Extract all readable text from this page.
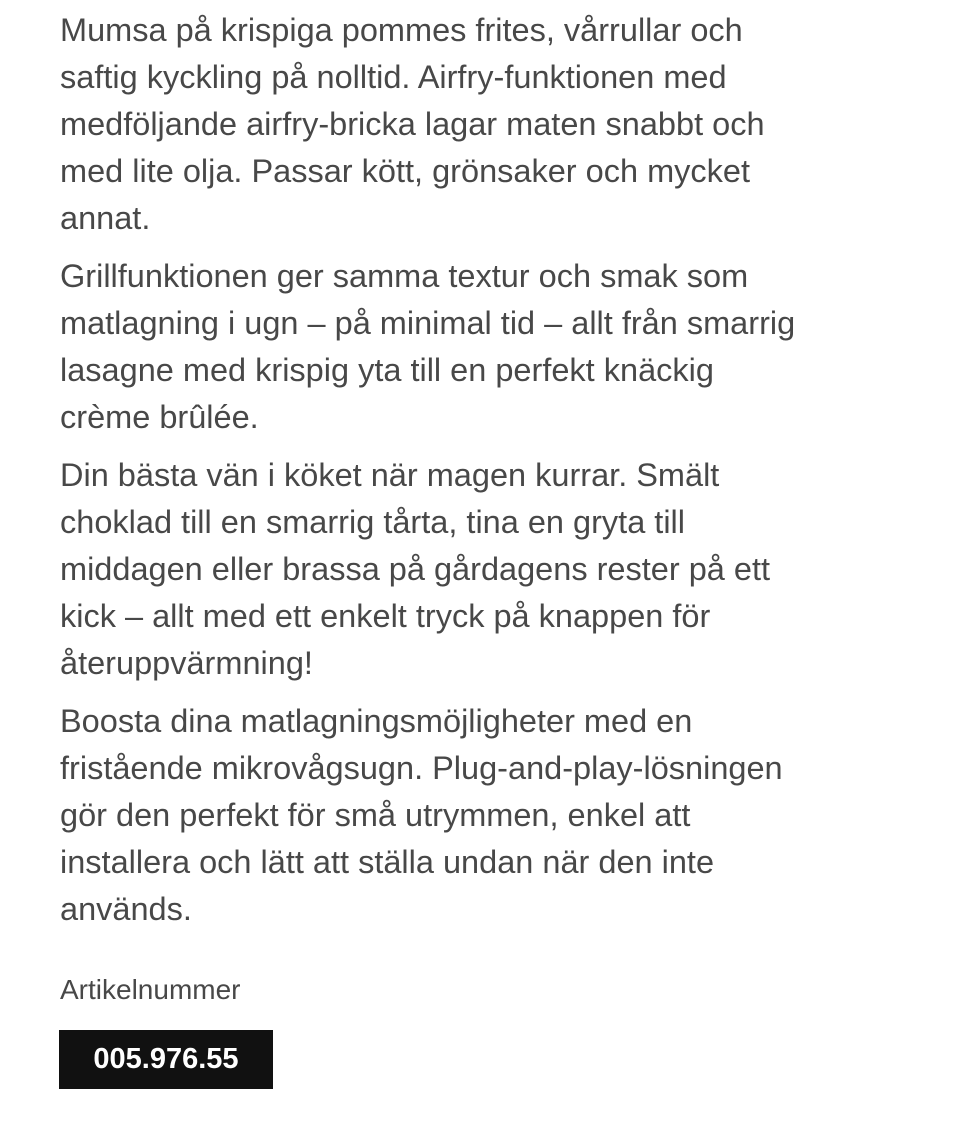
Mumsa på krispiga pommes frites, vårrullar och
saftig kyckling på nolltid. Airfry-funktionen med
medföljande airfry-bricka lagar maten snabbt och
med lite olja. Passar kött, grönsaker och mycket
annat.

Grillfunktionen ger samma textur och smak som
matlagning i ugn – på minimal tid – allt från smarrig
lasagne med krispig yta till en perfekt knäckig
crème brûlée.

Din bästa vän i köket när magen kurrar. Smält
choklad till en smarrig tårta, tina en gryta till
middagen eller brassa på gårdagens rester på ett
kick – allt med ett enkelt tryck på knappen för
återuppvärmning!

Boosta dina matlagningsmöjligheter med en
fristående mikrovågsugn. Plug-and-play-lösningen
gör den perfekt för små utrymmen, enkel att
installera och lätt att ställa undan när den inte
används.

Artikelnummer
005.976.55
